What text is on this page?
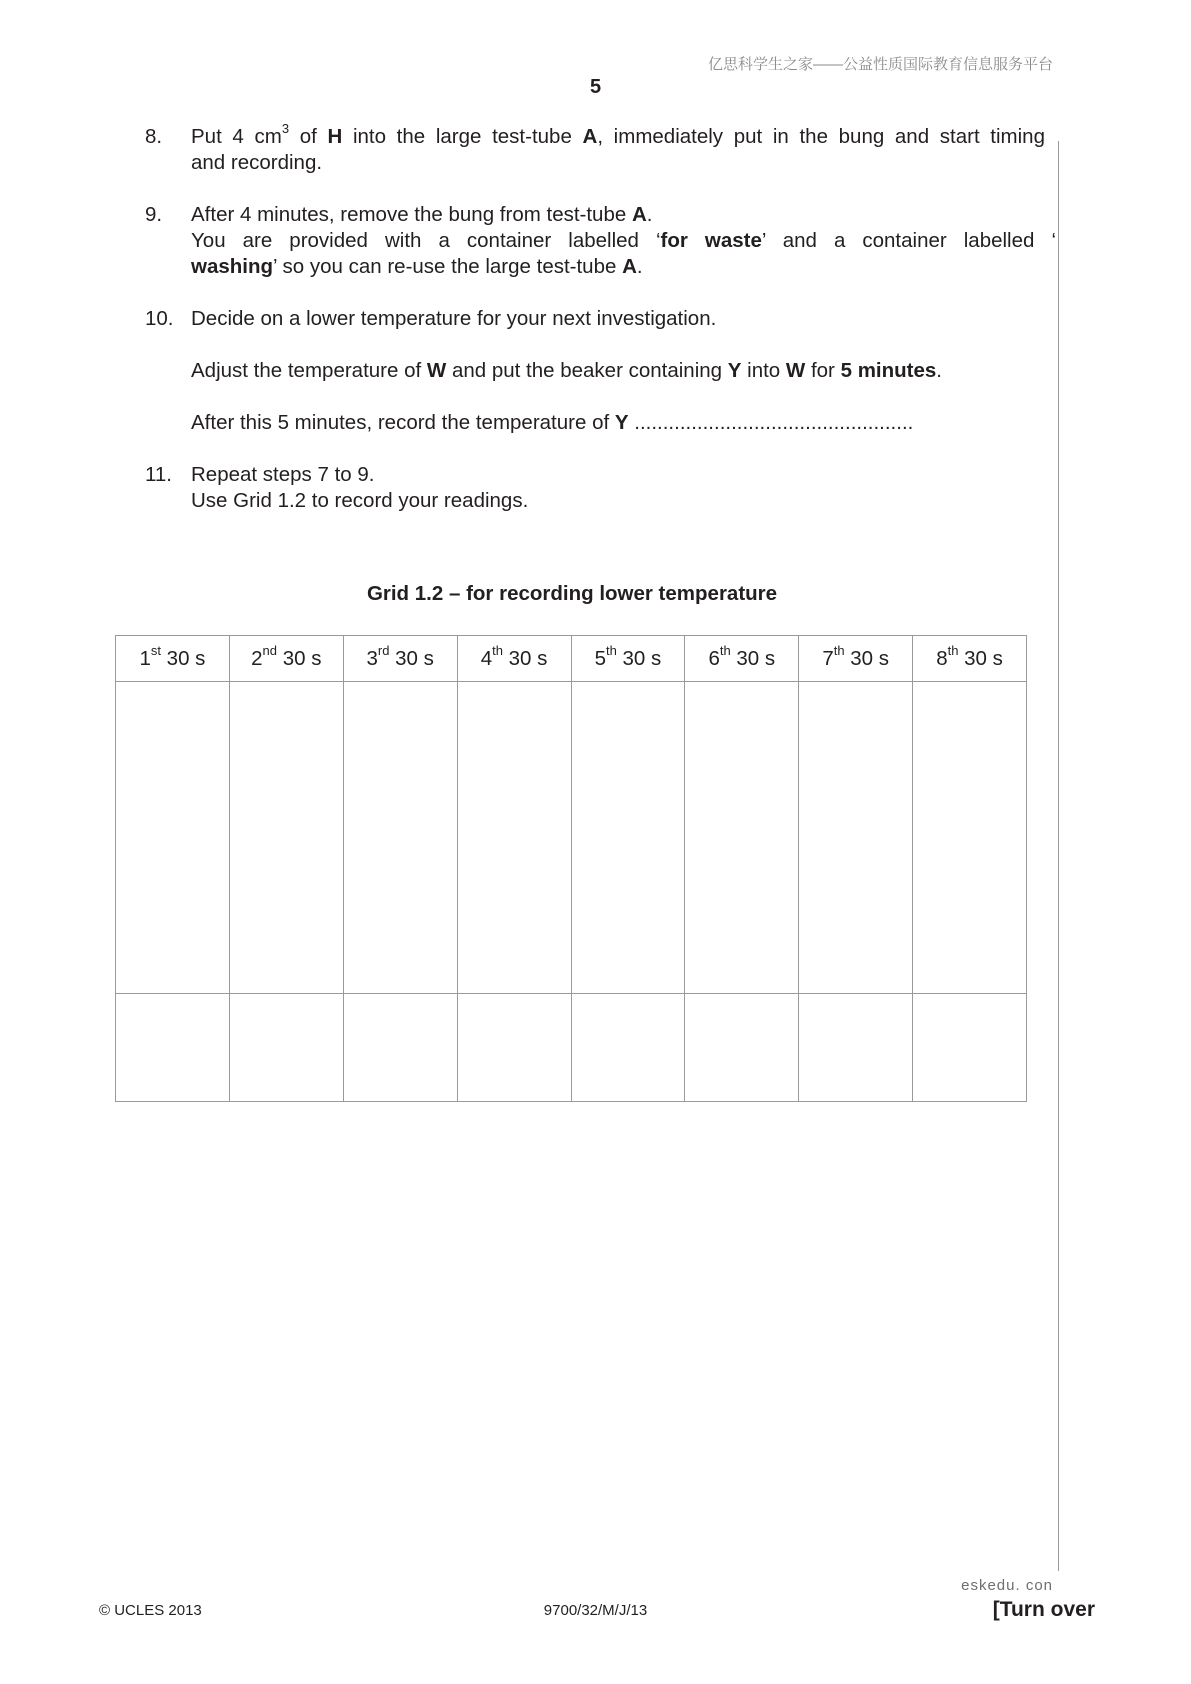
亿思科学生之家——公益性质国际教育信息服务平台
5
8.	Put 4 $cm^3$ of H into the large test-tube A, immediately put in the bung and start timing
and recording.
9.	After 4 minutes, remove the bung from test-tube A.
You are provided with a container labelled ‘for waste’ and a container labelled ‘
washing’ so you can re-use the large test-tube A.
10. Decide on a lower temperature for your next investigation.
Adjust the temperature of W and put the beaker containing Y into W for 5 minutes.
After this 5 minutes, record the temperature of Y .................................................
11. Repeat steps 7 to 9.
Use Grid 1.2 to record your readings.
Grid 1.2 – for recording lower temperature
1st 30 s	2nd 30 s	3rd 30 s	4th 30 s	5th 30 s	6th 30 s	7th 30 s	8th 30 s

© UCLES 2013	9700/32/M/J/13
eskedu. con
[Turn over
